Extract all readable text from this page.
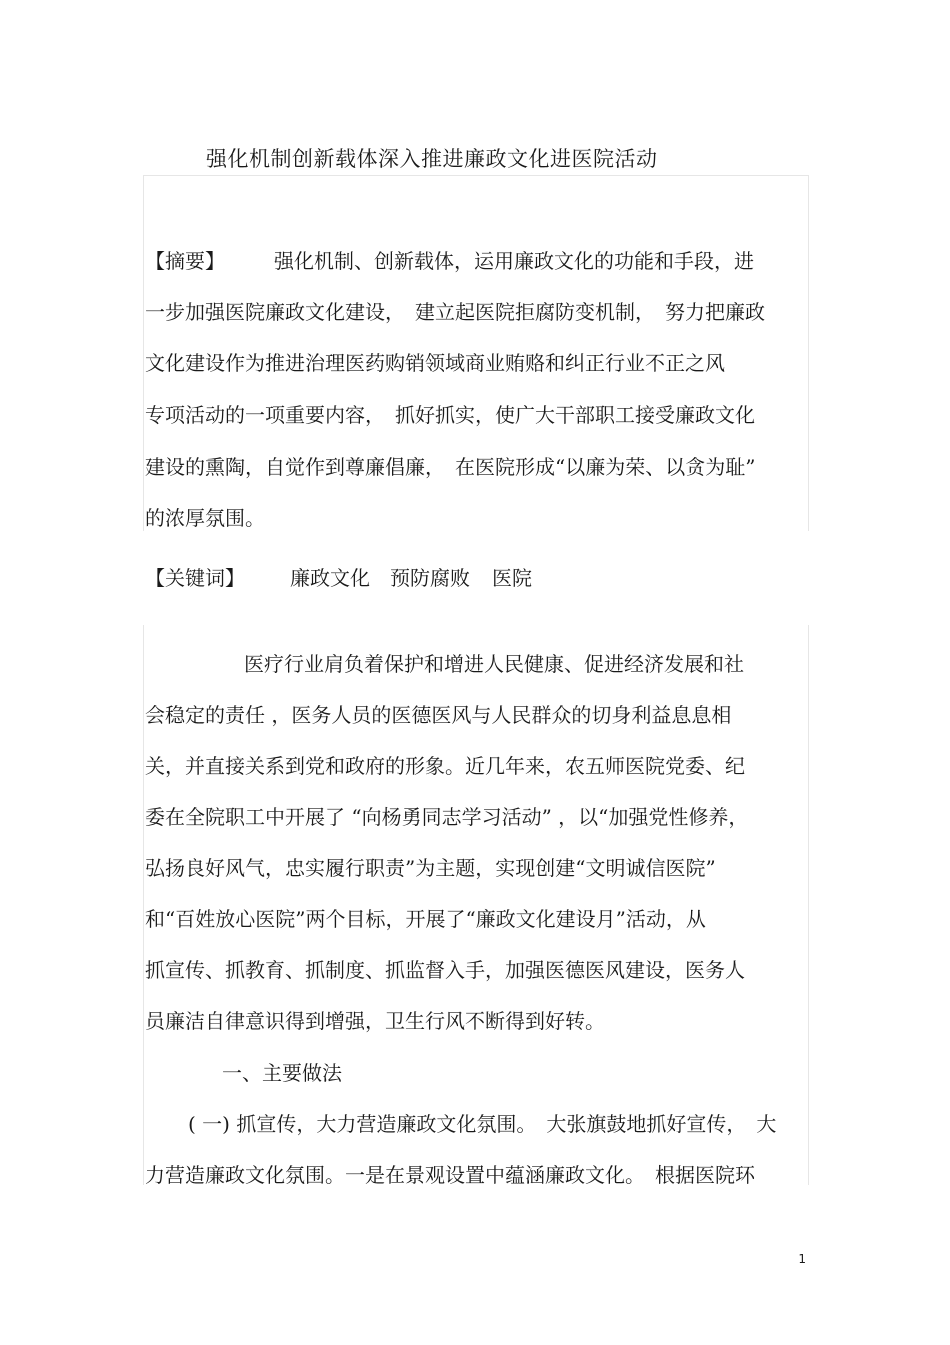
强化机制创新载体深入推进廉政文化进医院活动
【摘要】 强化机制、创新载体，运用廉政文化的功能和手段，进
一步加强医院廉政文化建设，　建立起医院拒腐防变机制，　努力把廉政
文化建设作为推进治理医药购销领域商业贿赂和纠正行业不正之风
专项活动的一项重要内容，　抓好抓实，使广大干部职工接受廉政文化
建设的熏陶，自觉作到尊廉倡廉，　在医院形成“以廉为荣、以贪为耻”
的浓厚氛围。
【关键词】 廉政文化 预防腐败 医院
医疗行业肩负着保护和增进人民健康、促进经济发展和社
会稳定的责任 ，医务人员的医德医风与人民群众的切身利益息息相
关，并直接关系到党和政府的形象。近几年来，农五师医院党委、纪
委在全院职工中开展了 “向杨勇同志学习活动” ，以“加强党性修养，
弘扬良好风气，忠实履行职责”为主题，实现创建“文明诚信医院”
和“百姓放心医院”两个目标，开展了“廉政文化建设月”活动，从
抓宣传、抓教育、抓制度、抓监督入手，加强医德医风建设，医务人
员廉洁自律意识得到增强，卫生行风不断得到好转。
一、主要做法
( 一) 抓宣传，大力营造廉政文化氛围。　大张旗鼓地抓好宣传，　大
力营造廉政文化氛围。一是在景观设置中蕴涵廉政文化。　根据医院环
1
